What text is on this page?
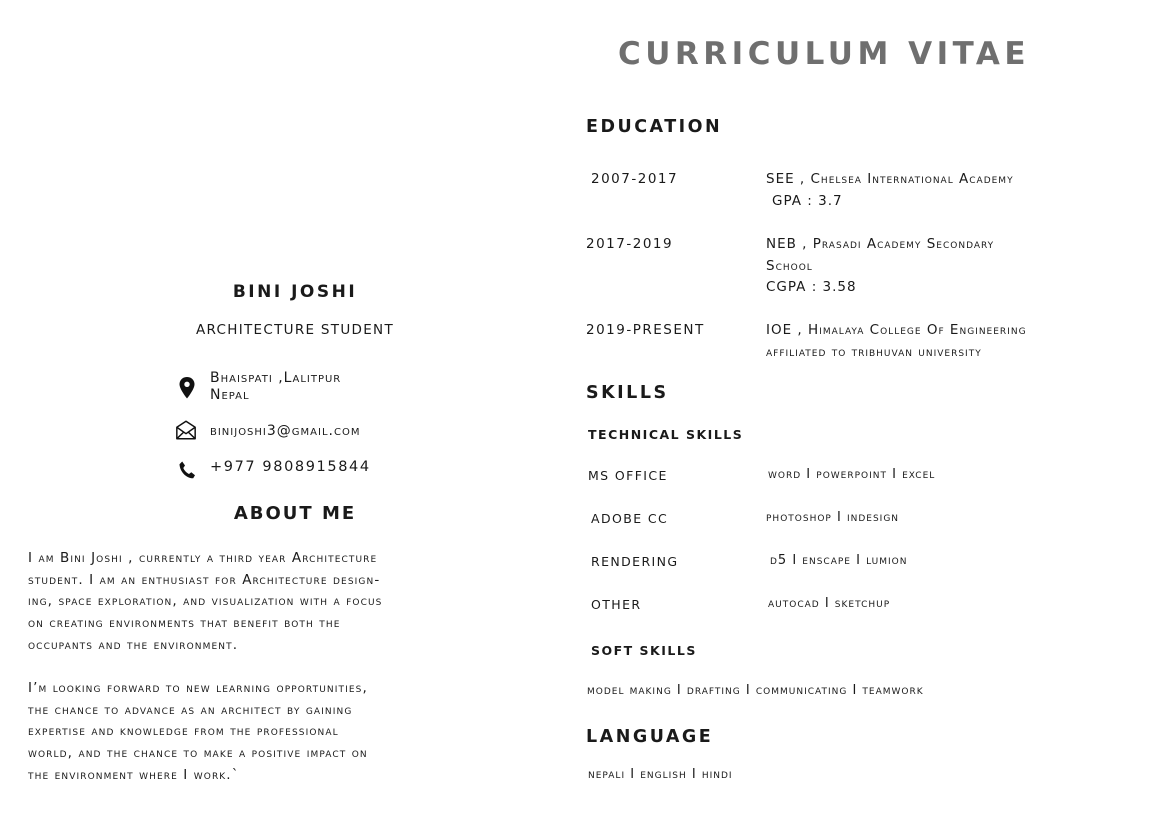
CURRICULUM VITAE
BINI JOSHI
ARCHITECTURE STUDENT
Bhaispati ,Lalitpur
Nepal
binijoshi3@gmail.com
+977 9808915844
ABOUT ME
I am Bini Joshi , currently a third year Architecture
student. I am an enthusiast for Architecture design-
ing, space exploration, and visualization with a focus
on creating environments that benefit both the
occupants and the environment.
I’m looking forward to new learning opportunities,
the chance to advance as an architect by gaining
expertise and knowledge from the professional
world, and the chance to make a positive impact on
the environment where I work.`
EDUCATION
2007-2017	SEE , Chelsea International Academy
GPA : 3.7
2017-2019	NEB , Prasadi Academy Secondary
School
CGPA : 3.58
2019-PRESENT	IOE , Himalaya College Of Engineering
affiliated to tribhuvan university
SKILLS
TECHNICAL SKILLS
MS OFFICE	word I powerpoint I excel
ADOBE CC	photoshop I indesign
RENDERING	d5 I enscape I lumion
OTHER	autocad I sketchup
SOFT SKILLS
model making I drafting I communicating I teamwork
LANGUAGE
nepali I english I hindi
